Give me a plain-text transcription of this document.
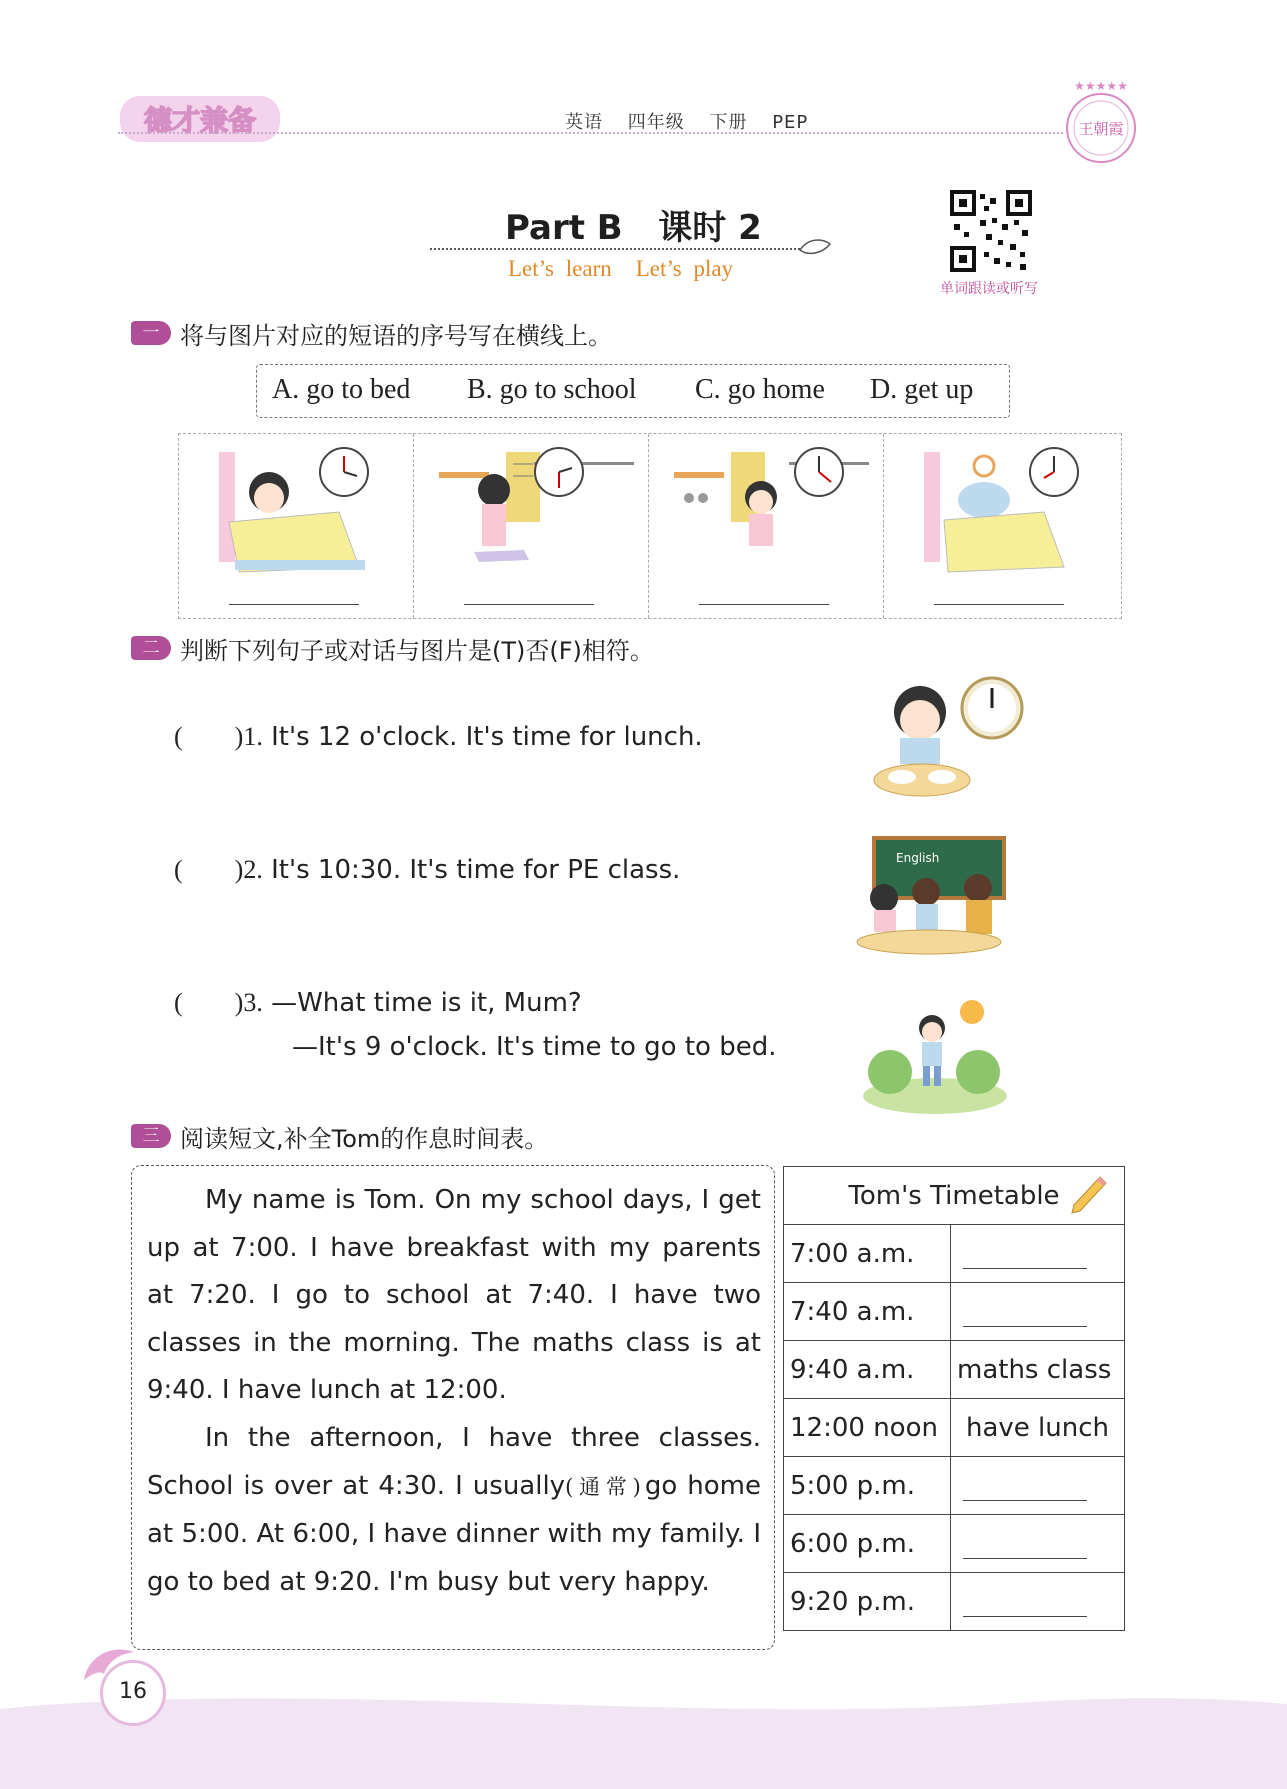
德才兼备	英语 四年级 下册 PEP
★★★★★
王朝霞
Part B   课时 2
Let’s learn Let’s play
单词跟读或听写
一 将与图片对应的短语的序号写在横线上。
A. go to bed B. go to school C. go home D. get up
二 判断下列句子或对话与图片是(T)否(F)相符。
(        )1. It's 12 o'clock. It's time for lunch.
(        )2. It's 10:30. It's time for PE class.
(        )3. —What time is it, Mum?
—It's 9 o'clock. It's time to go to bed.
English
三 阅读短文,补全Tom的作息时间表。

My name is Tom. On my school days, I get up at 7:00. I have breakfast with my parents at 7:20. I go to school at 7:40. I have two classes in the morning. The maths class is at 9:40. I have lunch at 12:00.

In the afternoon, I have three classes. School is over at 4:30. I usually(通常)go home at 5:00. At 6:00, I have dinner with my family. I go to bed at 9:20. I'm busy but very happy.

Tom's Timetable	

7:00 a.m.	
7:40 a.m.	
9:40 a.m.	maths class
12:00 noon	have lunch
5:00 p.m.	
6:00 p.m.	
9:20 p.m.	
16
